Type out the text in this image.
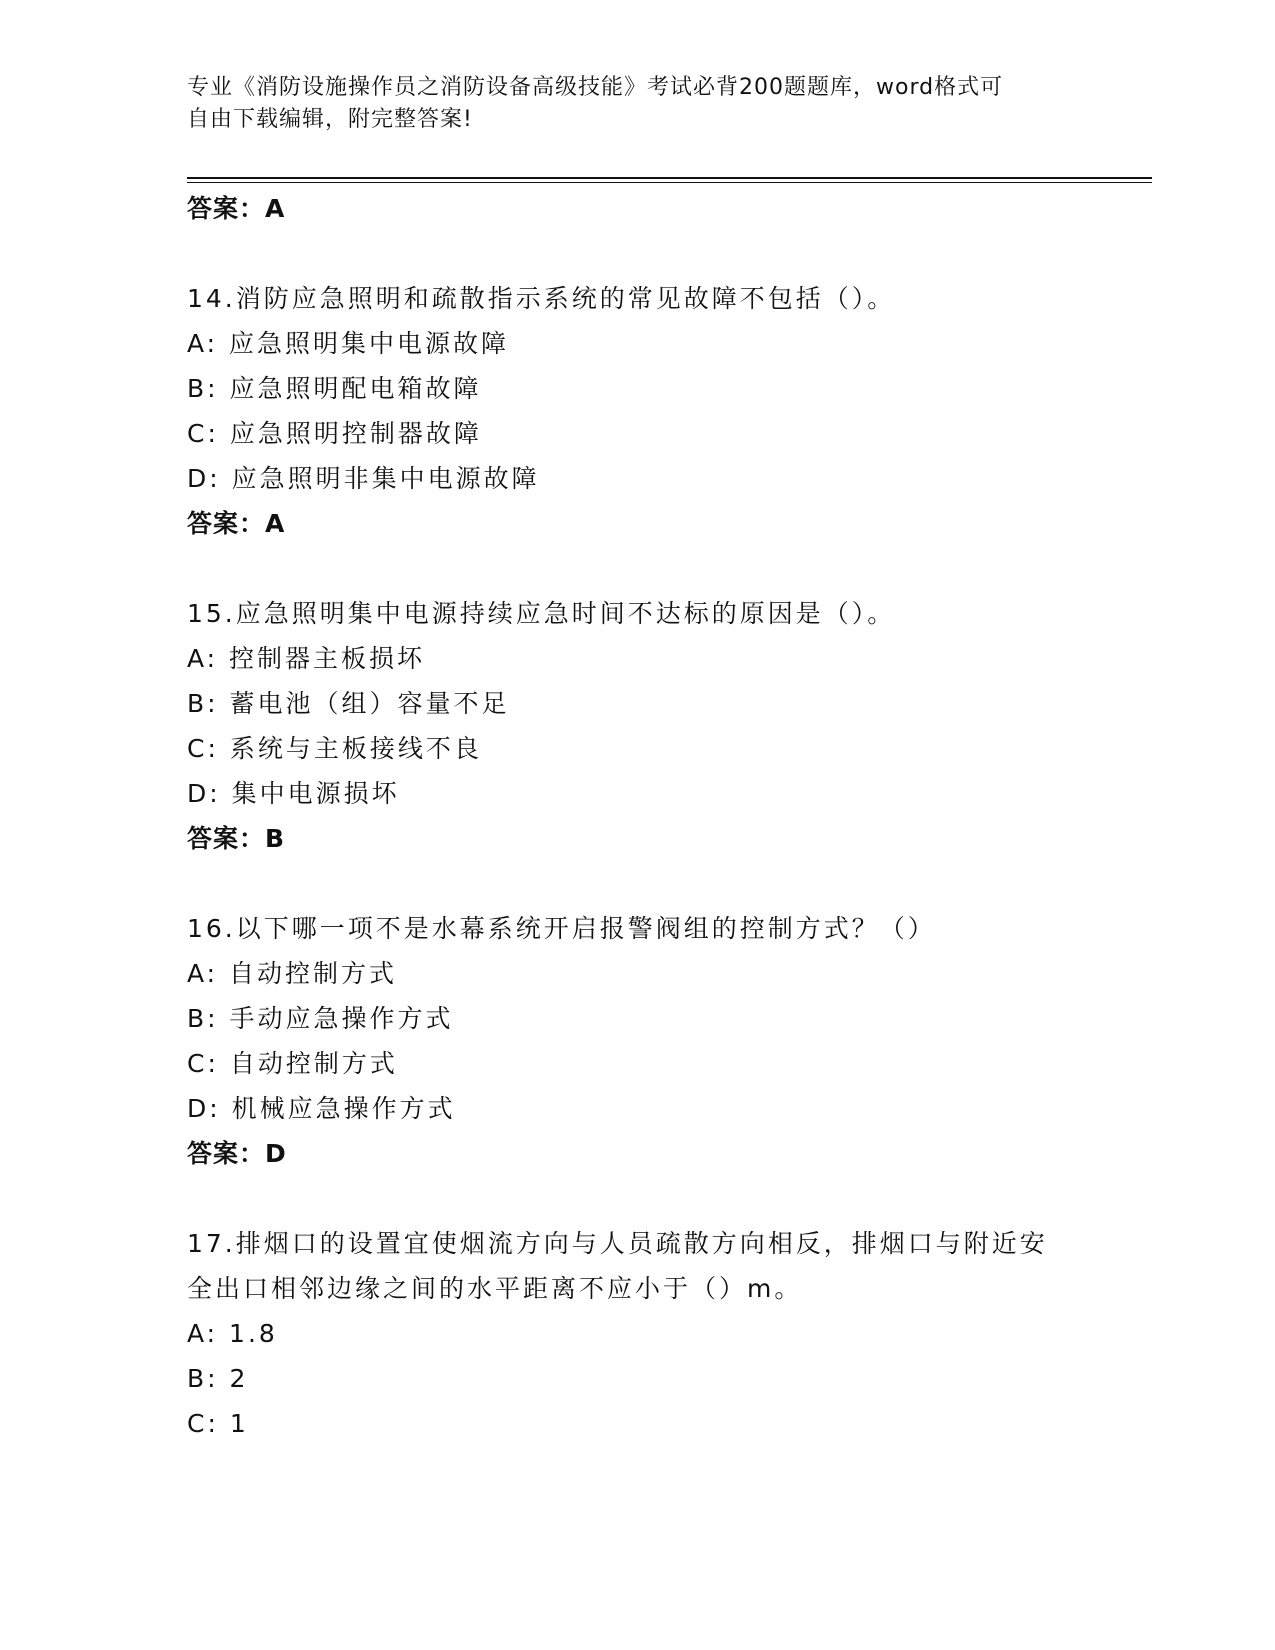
专业《消防设施操作员之消防设备高级技能》考试必背200题题库，word格式可
自由下载编辑，附完整答案!
答案：A
14.消防应急照明和疏散指示系统的常见故障不包括（）。
A: 应急照明集中电源故障
B: 应急照明配电箱故障
C: 应急照明控制器故障
D: 应急照明非集中电源故障
答案：A
15.应急照明集中电源持续应急时间不达标的原因是（）。
A: 控制器主板损坏
B: 蓄电池（组）容量不足
C: 系统与主板接线不良
D: 集中电源损坏
答案：B
16.以下哪一项不是水幕系统开启报警阀组的控制方式？（）
A: 自动控制方式
B: 手动应急操作方式
C: 自动控制方式
D: 机械应急操作方式
答案：D
17.排烟口的设置宜使烟流方向与人员疏散方向相反，排烟口与附近安
全出口相邻边缘之间的水平距离不应小于（）m。
A: 1.8
B: 2
C: 1
